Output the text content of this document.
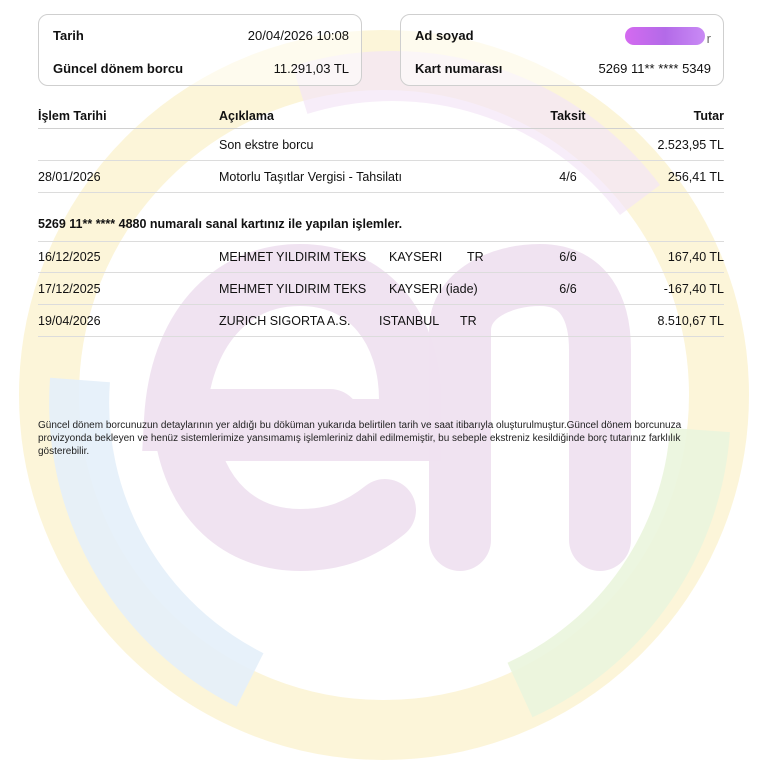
Tarih	20/04/2026 10:08
Güncel dönem borcu	11.291,03 TL
Ad soyad	r
Kart numarası	5269 11** **** 5349
İşlem Tarihi	Açıklama	Taksit	Tutar
Son ekstre borcu	2.523,95 TL
28/01/2026	Motorlu Taşıtlar Vergisi - Tahsilatı	4/6	256,41 TL
5269 11** **** 4880 numaralı sanal kartınız ile yapılan işlemler.
16/12/2025	MEHMET YILDIRIM TEKS KAYSERI TR	6/6	167,40 TL
17/12/2025	MEHMET YILDIRIM TEKS KAYSERI (iade)	6/6	-167,40 TL
19/04/2026	ZURICH SIGORTA A.S. ISTANBUL TR	8.510,67 TL

Güncel dönem borcunuzun detaylarının yer aldığı bu döküman yukarıda belirtilen tarih ve saat itibarıyla oluşturulmuştur.Güncel dönem borcunuza provizyonda bekleyen ve henüz sistemlerimize yansımamış işlemleriniz dahil edilmemiştir, bu sebeple ekstreniz kesildiğinde borç tutarınız farklılık gösterebilir.
